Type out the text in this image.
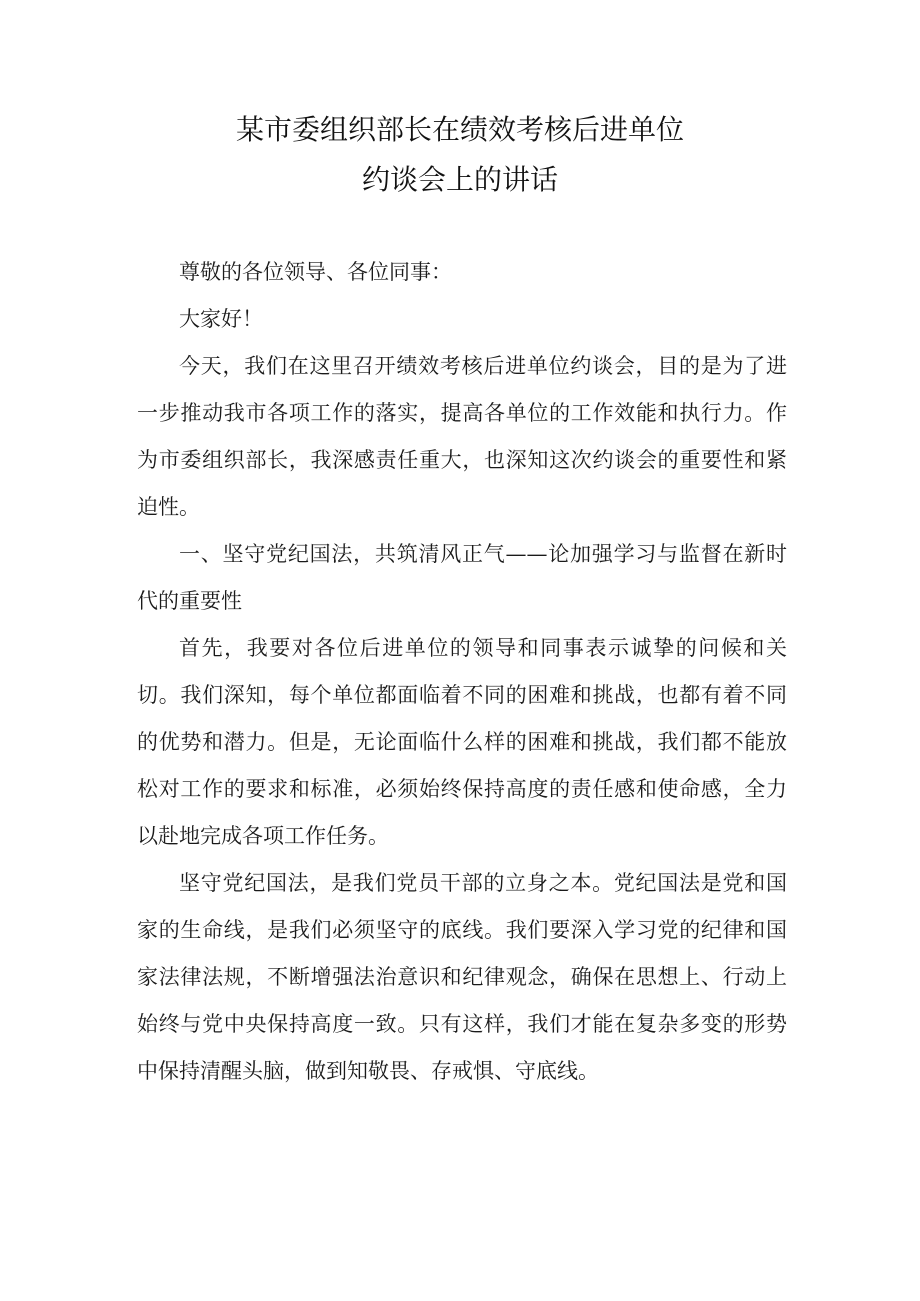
某市委组织部长在绩效考核后进单位
约谈会上的讲话

尊敬的各位领导、各位同事：

大家好！

今天，我们在这里召开绩效考核后进单位约谈会，目的是为了进一步推动我市各项工作的落实，提高各单位的工作效能和执行力。作为市委组织部长，我深感责任重大，也深知这次约谈会的重要性和紧迫性。

一、坚守党纪国法，共筑清风正气——论加强学习与监督在新时代的重要性

首先，我要对各位后进单位的领导和同事表示诚挚的问候和关切。我们深知，每个单位都面临着不同的困难和挑战，也都有着不同的优势和潜力。但是，无论面临什么样的困难和挑战，我们都不能放松对工作的要求和标准，必须始终保持高度的责任感和使命感，全力以赴地完成各项工作任务。

坚守党纪国法，是我们党员干部的立身之本。党纪国法是党和国家的生命线，是我们必须坚守的底线。我们要深入学习党的纪律和国家法律法规，不断增强法治意识和纪律观念，确保在思想上、行动上始终与党中央保持高度一致。只有这样，我们才能在复杂多变的形势中保持清醒头脑，做到知敬畏、存戒惧、守底线。
